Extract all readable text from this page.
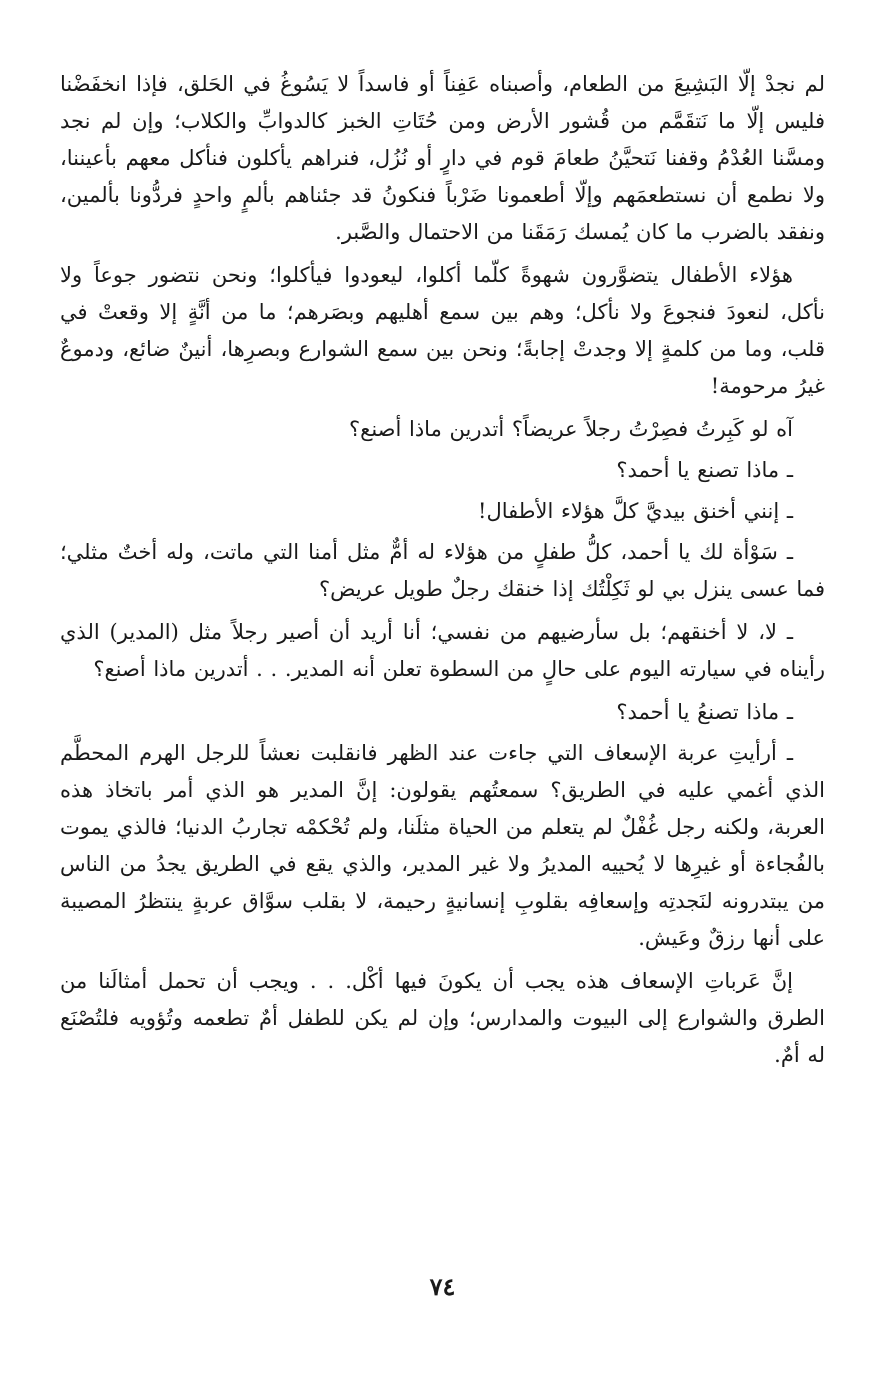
لم نجدْ إلّا البَشِيعَ من الطعام، وأصبناه عَفِناً أو فاسداً لا يَسُوغُ في الحَلق، فإذا انخفَضْنا فليس إلّا ما نَتقَمَّم من قُشور الأرض ومن حُتَاتِ الخبز كالدوابِّ والكلاب؛ وإن لم نجد ومسَّنا العُدْمُ وقفنا نَتحيَّنُ طعامَ قوم في دارٍ أو نُزُل، فنراهم يأكلون فنأكل معهم بأعيننا، ولا نطمع أن نستطعمَهم وإلّا أطعمونا ضَرْباً فنكونُ قد جئناهم بألمٍ واحدٍ فردُّونا بألمين، ونفقد بالضرب ما كان يُمسك رَمَقَنا من الاحتمال والصَّبر.

هؤلاء الأطفال يتضوَّرون شهوةً كلّما أكلوا، ليعودوا فيأكلوا؛ ونحن نتضور جوعاً ولا نأكل، لنعودَ فنجوعَ ولا نأكل؛ وهم بين سمع أهليهم وبصَرهم؛ ما من أنَّةٍ إلا وقعتْ في قلب، وما من كلمةٍ إلا وجدتْ إجابةً؛ ونحن بين سمع الشوارع وبصرِها، أنينٌ ضائع، ودموعٌ غيرُ مرحومة!

آه لو كَبِرتُ فصِرْتُ رجلاً عريضاً؟ أتدرين ماذا أصنع؟

ـ ماذا تصنع يا أحمد؟

ـ إنني أخنق بيديَّ كلَّ هؤلاء الأطفال!

ـ سَوْأة لك يا أحمد، كلُّ طفلٍ من هؤلاء له أمٌّ مثل أمنا التي ماتت، وله أختٌ مثلي؛ فما عسى ينزل بي لو ثَكِلْتُك إذا خنقك رجلٌ طويل عريض؟

ـ لا، لا أخنقهم؛ بل سأرضيهم من نفسي؛ أنا أريد أن أصير رجلاً مثل (المدير) الذي رأيناه في سيارته اليوم على حالٍ من السطوة تعلن أنه المدير. . . أتدرين ماذا أصنع؟

ـ ماذا تصنعُ يا أحمد؟

ـ أرأيتِ عربة الإسعاف التي جاءت عند الظهر فانقلبت نعشاً للرجل الهرم المحطَّم الذي أغمي عليه في الطريق؟ سمعتُهم يقولون: إنَّ المدير هو الذي أمر باتخاذ هذه العربة، ولكنه رجل غُفْلٌ لم يتعلم من الحياة مثلَنا، ولم تُحْكمْه تجاربُ الدنيا؛ فالذي يموت بالفُجاءة أو غيرِها لا يُحييه المديرُ ولا غير المدير، والذي يقع في الطريق يجدُ من الناس من يبتدرونه لنَجدتِه وإسعافِه بقلوبِ إنسانيةٍ رحيمة، لا بقلب سوَّاق عربةٍ ينتظرُ المصيبة على أنها رزقٌ وعَيش.

إنَّ عَرباتِ الإسعاف هذه يجب أن يكونَ فيها أكْل. . . ويجب أن تحمل أمثالَنا من الطرق والشوارع إلى البيوت والمدارس؛ وإن لم يكن للطفل أمٌ تطعمه وتُؤويه فلتُصْنَع له أمٌ.

٧٤
